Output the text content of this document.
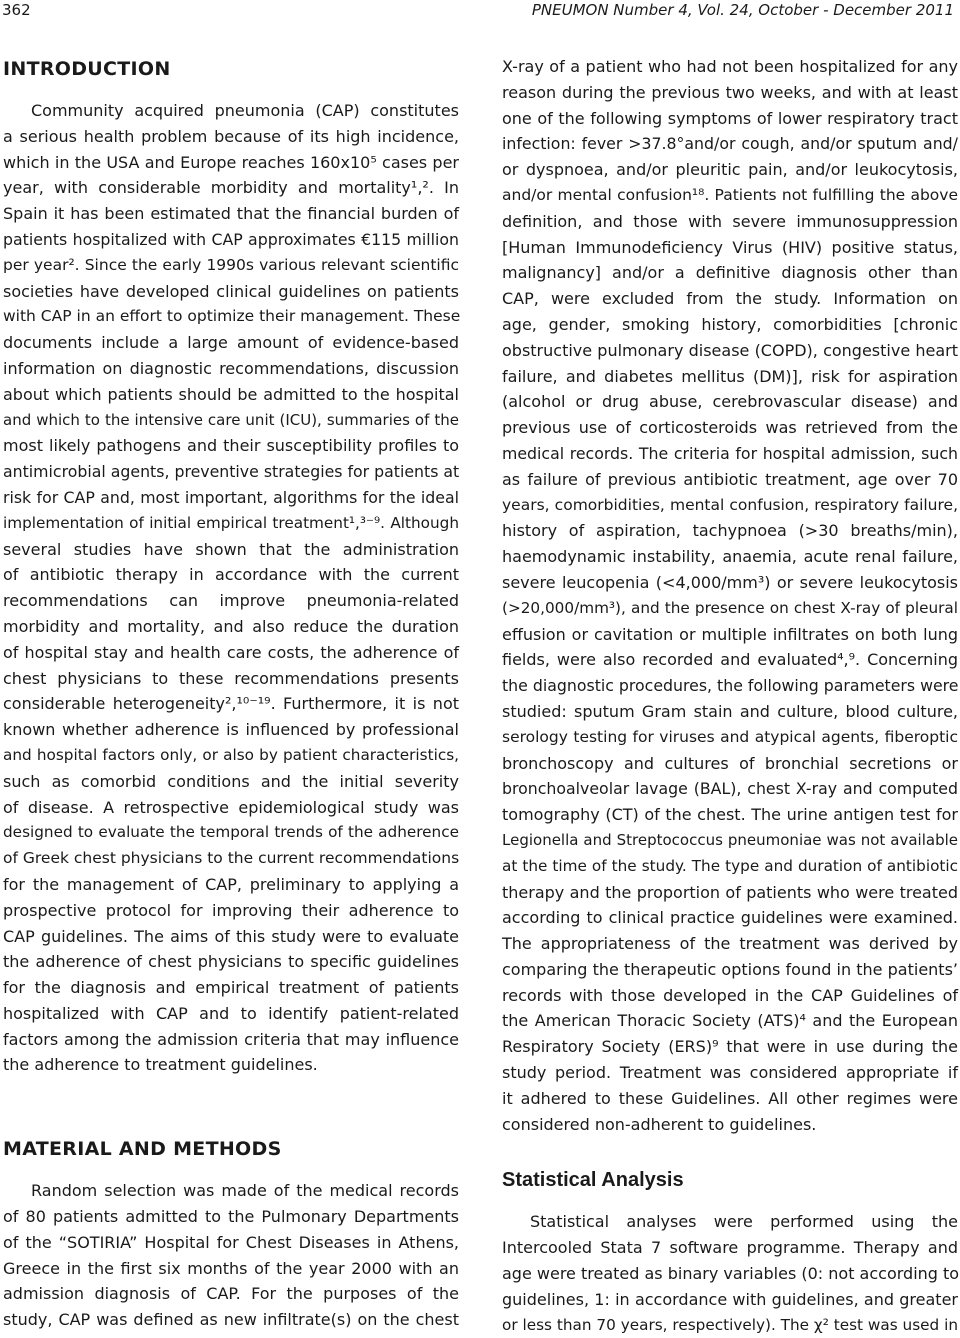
362	PNEUMON Number 4, Vol. 24, October - December 2011
INTRODUCTION
Community acquired pneumonia (CAP) constitutes
a serious health problem because of its high incidence,
which in the USA and Europe reaches 160x10⁵ cases per
year, with considerable morbidity and mortality¹,². In
Spain it has been estimated that the financial burden of
patients hospitalized with CAP approximates €115 million
per year². Since the early 1990s various relevant scientific
societies have developed clinical guidelines on patients
with CAP in an effort to optimize their management. These
documents include a large amount of evidence-based
information on diagnostic recommendations, discussion
about which patients should be admitted to the hospital
and which to the intensive care unit (ICU), summaries of the
most likely pathogens and their susceptibility profiles to
antimicrobial agents, preventive strategies for patients at
risk for CAP and, most important, algorithms for the ideal
implementation of initial empirical treatment¹,³⁻⁹. Although
several studies have shown that the administration
of antibiotic therapy in accordance with the current
recommendations can improve pneumonia-related
morbidity and mortality, and also reduce the duration
of hospital stay and health care costs, the adherence of
chest physicians to these recommendations presents
considerable heterogeneity²,¹⁰⁻¹⁹. Furthermore, it is not
known whether adherence is influenced by professional
and hospital factors only, or also by patient characteristics,
such as comorbid conditions and the initial severity
of disease. A retrospective epidemiological study was
designed to evaluate the temporal trends of the adherence
of Greek chest physicians to the current recommendations
for the management of CAP, preliminary to applying a
prospective protocol for improving their adherence to
CAP guidelines. The aims of this study were to evaluate
the adherence of chest physicians to specific guidelines
for the diagnosis and empirical treatment of patients
hospitalized with CAP and to identify patient-related
factors among the admission criteria that may influence
the adherence to treatment guidelines.
MATERIAL AND METHODS
Random selection was made of the medical records
of 80 patients admitted to the Pulmonary Departments
of the “SOTIRIA” Hospital for Chest Diseases in Athens,
Greece in the first six months of the year 2000 with an
admission diagnosis of CAP. For the purposes of the
study, CAP was defined as new infiltrate(s) on the chest
X-ray of a patient who had not been hospitalized for any
reason during the previous two weeks, and with at least
one of the following symptoms of lower respiratory tract
infection: fever >37.8°and/or cough, and/or sputum and/
or dyspnoea, and/or pleuritic pain, and/or leukocytosis,
and/or mental confusion¹⁸. Patients not fulfilling the above
definition, and those with severe immunosuppression
[Human Immunodeficiency Virus (HIV) positive status,
malignancy] and/or a definitive diagnosis other than
CAP, were excluded from the study. Information on
age, gender, smoking history, comorbidities [chronic
obstructive pulmonary disease (COPD), congestive heart
failure, and diabetes mellitus (DM)], risk for aspiration
(alcohol or drug abuse, cerebrovascular disease) and
previous use of corticosteroids was retrieved from the
medical records. The criteria for hospital admission, such
as failure of previous antibiotic treatment, age over 70
years, comorbidities, mental confusion, respiratory failure,
history of aspiration, tachypnoea (>30 breaths/min),
haemodynamic instability, anaemia, acute renal failure,
severe leucopenia (<4,000/mm³) or severe leukocytosis
(>20,000/mm³), and the presence on chest X-ray of pleural
effusion or cavitation or multiple infiltrates on both lung
fields, were also recorded and evaluated⁴,⁹. Concerning
the diagnostic procedures, the following parameters were
studied: sputum Gram stain and culture, blood culture,
serology testing for viruses and atypical agents, fiberoptic
bronchoscopy and cultures of bronchial secretions or
bronchoalveolar lavage (BAL), chest X-ray and computed
tomography (CT) of the chest. The urine antigen test for
Legionella and Streptococcus pneumoniae was not available
at the time of the study. The type and duration of antibiotic
therapy and the proportion of patients who were treated
according to clinical practice guidelines were examined.
The appropriateness of the treatment was derived by
comparing the therapeutic options found in the patients’
records with those developed in the CAP Guidelines of
the American Thoracic Society (ATS)⁴ and the European
Respiratory Society (ERS)⁹ that were in use during the
study period. Treatment was considered appropriate if
it adhered to these Guidelines. All other regimes were
considered non-adherent to guidelines.
Statistical Analysis
Statistical analyses were performed using the
Intercooled Stata 7 software programme. Therapy and
age were treated as binary variables (0: not according to
guidelines, 1: in accordance with guidelines, and greater
or less than 70 years, respectively). The χ² test was used in
